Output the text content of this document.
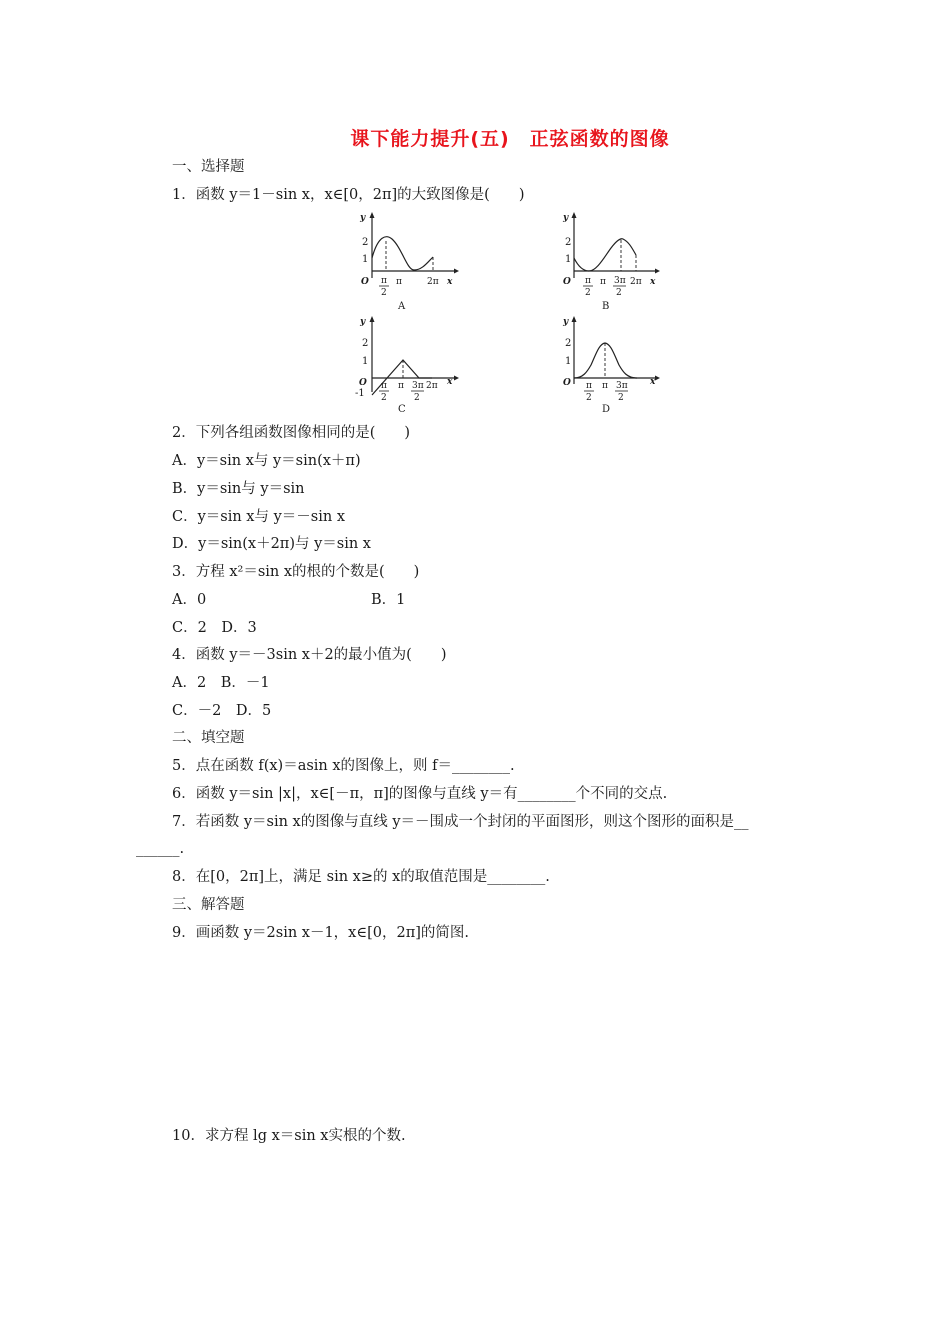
课下能力提升(五)　正弦函数的图像
一、选择题
1．函数 y＝1－sin x，x∈[0，2π]的大致图像是(　　)
y
x
O
2
1
π
2
π	2π
A
y
x
O
2
1
π
2
π 3π
2
2π
B
y
x
O
2
1
-1
π
2
π 3π
2
2π
C
y
x
O
2
1
π
2
π 3π
2
D
2．下列各组函数图像相同的是(　　)
A．y＝sin x与 y＝sin(x＋π)
B．y＝sin与 y＝sin
C．y＝sin x与 y＝－sin x
D．y＝sin(x＋2π)与 y＝sin x
3．方程 x²＝sin x的根的个数是(　　)
A．0	B．1
C．2　D．3
4．函数 y＝－3sin x＋2的最小值为(　　)
A．2　B．－1
C．－2　D．5
二、填空题
5．点在函数 f(x)＝asin x的图像上，则 f＝________.
6．函数 y＝sin |x|，x∈[－π，π]的图像与直线 y＝有________个不同的交点.
7．若函数 y＝sin x的图像与直线 y＝－围成一个封闭的平面图形，则这个图形的面积是__
______.
8．在[0，2π]上，满足 sin x≥的 x的取值范围是________.
三、解答题
9．画函数 y＝2sin x－1，x∈[0，2π]的简图.
10．求方程 lg x＝sin x实根的个数.
